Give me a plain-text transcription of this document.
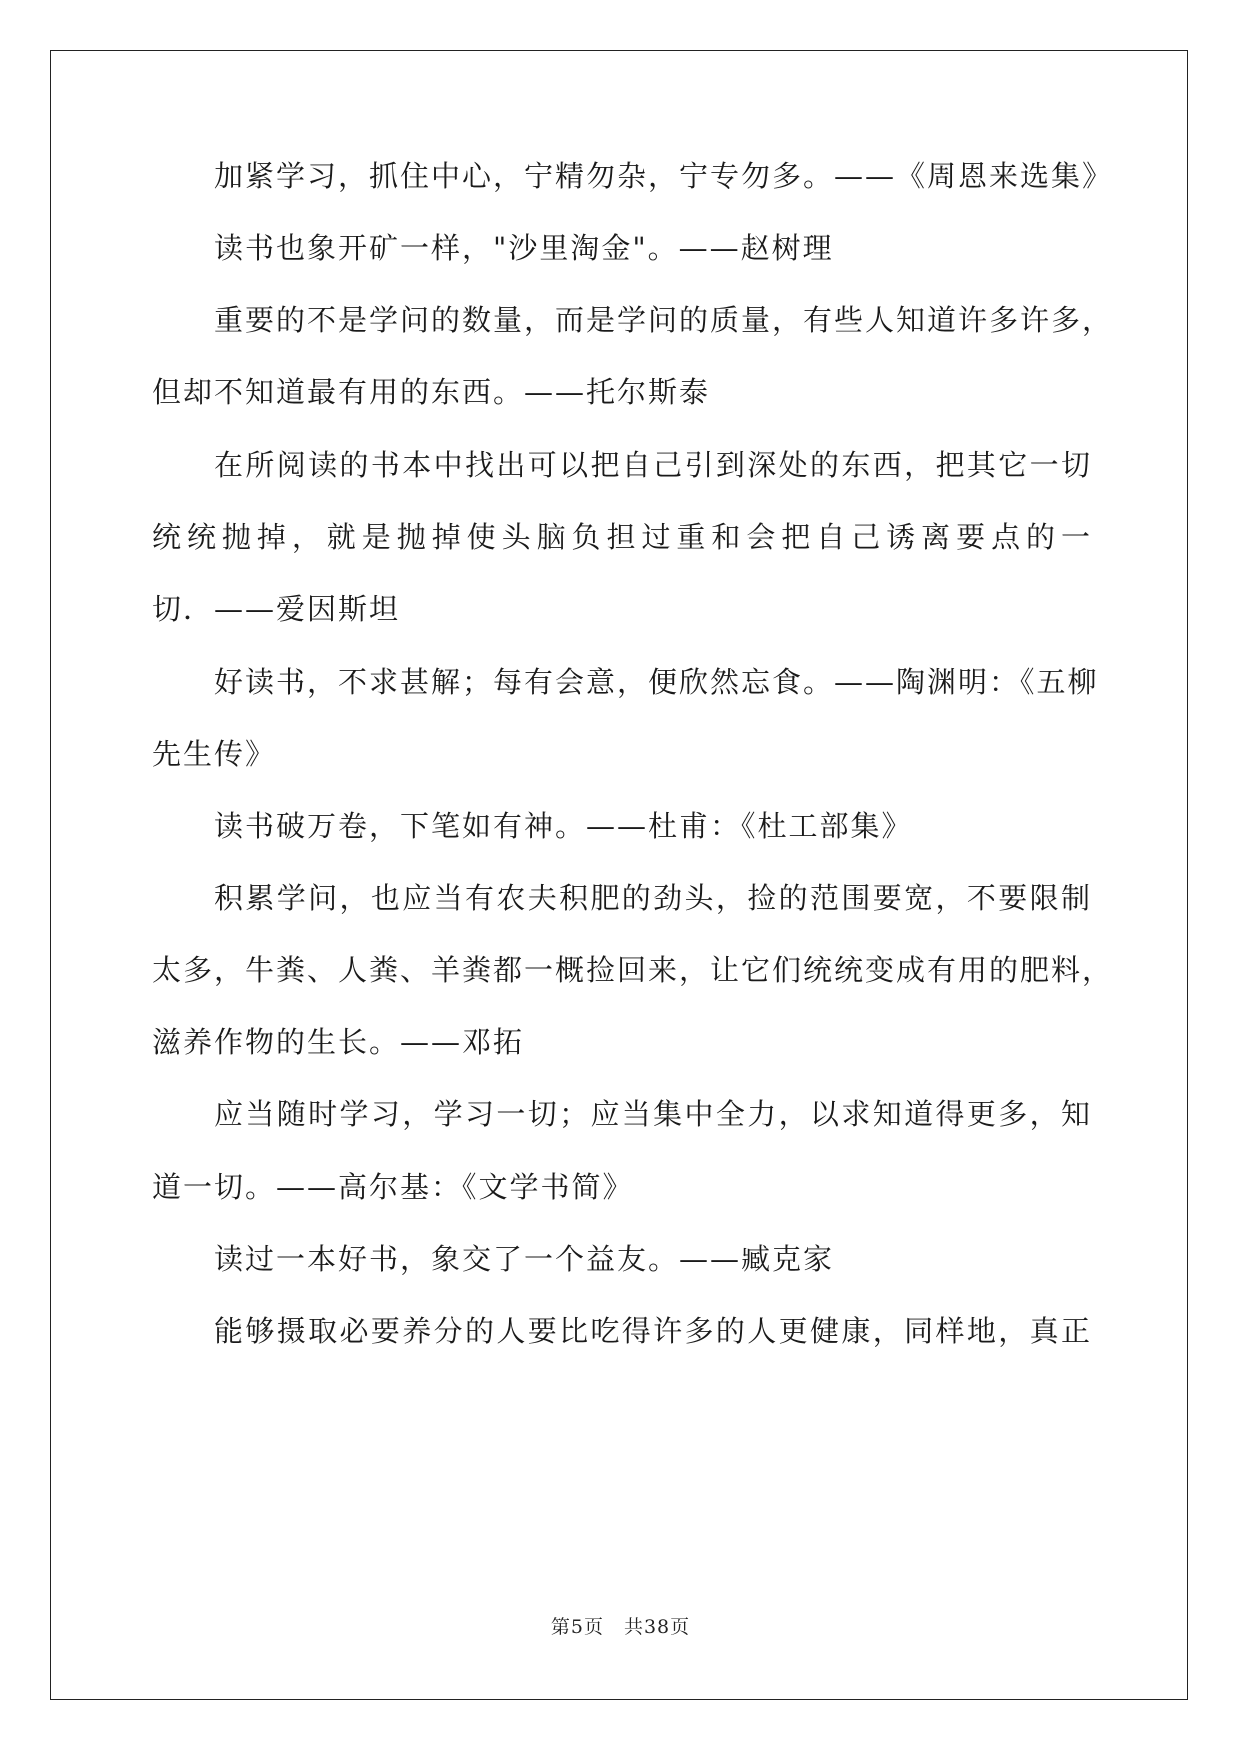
加紧学习，抓住中心，宁精勿杂，宁专勿多。——《周恩来选集》
读书也象开矿一样，"沙里淘金"。——赵树理
重要的不是学问的数量，而是学问的质量，有些人知道许多许多，
但却不知道最有用的东西。——托尔斯泰
在所阅读的书本中找出可以把自己引到深处的东西，把其它一切
统统抛掉，就是抛掉使头脑负担过重和会把自己诱离要点的一
切．——爱因斯坦
好读书，不求甚解；每有会意，便欣然忘食。——陶渊明：《五柳
先生传》
读书破万卷，下笔如有神。——杜甫：《杜工部集》
积累学问，也应当有农夫积肥的劲头，捡的范围要宽，不要限制
太多，牛粪、人粪、羊粪都一概捡回来，让它们统统变成有用的肥料，
滋养作物的生长。——邓拓
应当随时学习，学习一切；应当集中全力，以求知道得更多，知
道一切。——高尔基：《文学书简》
读过一本好书，象交了一个益友。——臧克家
能够摄取必要养分的人要比吃得许多的人更健康，同样地，真正
第5页　共38页
